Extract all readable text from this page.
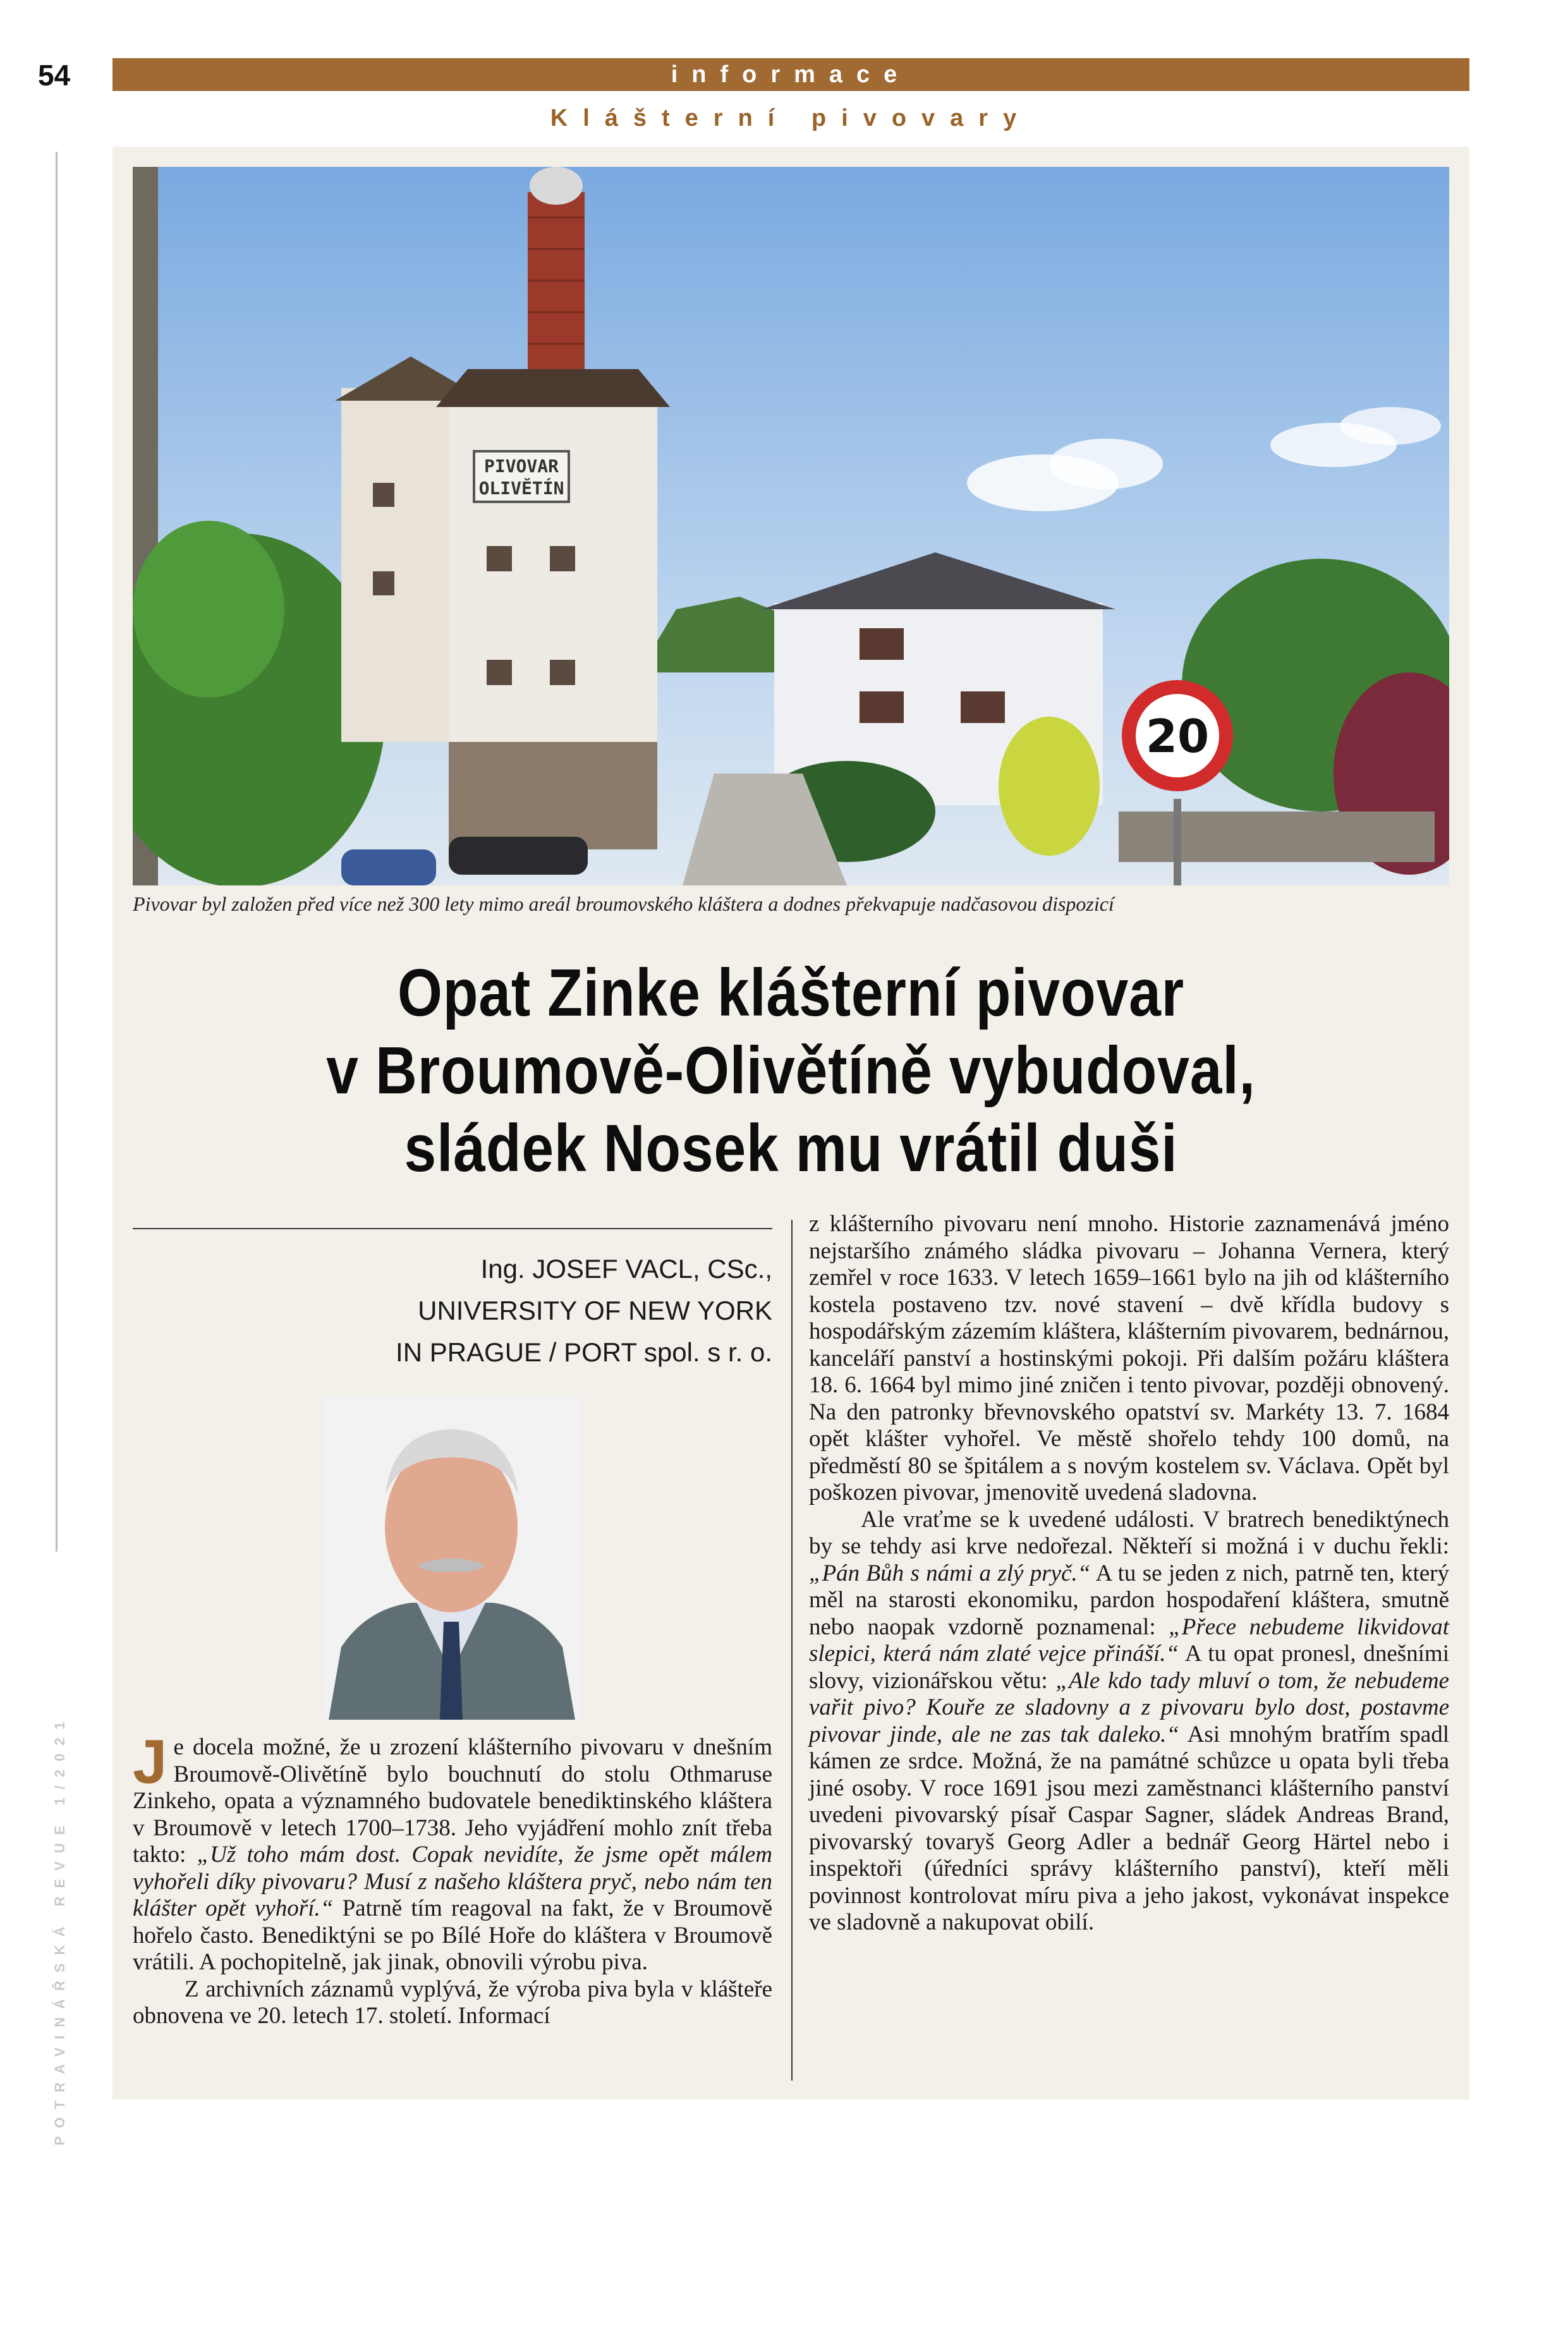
54	informace
Klášterní pivovary
POTRAVINÁŘSKÁ REVUE 1/2021
PIVOVAR
OLIVĚTÍN
20
Pivovar byl založen před více než 300 lety mimo areál broumovského kláštera a dodnes překvapuje nadčasovou dispozicí
Opat Zinke klášterní pivovar
v Broumově-Olivětíně vybudoval,
sládek Nosek mu vrátil duši
Ing. JOSEF VACL, CSc.,
UNIVERSITY OF NEW YORK
IN PRAGUE / PORT spol. s r. o.

Je docela možné, že u zrození klášterního pivovaru v dnešním Broumově-Olivětíně bylo bouchnutí do stolu Othmaruse Zinkeho, opata a významného budovatele benediktinského kláštera v Broumově v letech 1700–1738. Jeho vyjádření mohlo znít třeba takto: „Už toho mám dost. Copak nevidíte, že jsme opět málem vyhořeli díky pivovaru? Musí z našeho kláštera pryč, nebo nám ten klášter opět vyhoří.“ Patrně tím reagoval na fakt, že v Broumově hořelo často. Benediktýni se po Bílé Hoře do kláštera v Broumově vrátili. A pochopitelně, jak jinak, obnovili výrobu piva.

Z archivních záznamů vyplývá, že výroba piva byla v klášteře obnovena ve 20. letech 17. století. Informací

z klášterního pivovaru není mnoho. Historie zaznamenává jméno nejstaršího známého sládka pivovaru – Johanna Vernera, který zemřel v roce 1633. V letech 1659–1661 bylo na jih od klášterního kostela postaveno tzv. nové stavení – dvě křídla budovy s hospodářským zázemím kláštera, klášterním pivovarem, bednárnou, kanceláří panství a hostinskými pokoji. Při dalším požáru kláštera 18. 6. 1664 byl mimo jiné zničen i tento pivovar, později obnovený. Na den patronky břevnovského opatství sv. Markéty 13. 7. 1684 opět klášter vyhořel. Ve městě shořelo tehdy 100 domů, na předměstí 80 se špitálem a s novým kostelem sv. Václava. Opět byl poškozen pivovar, jmenovitě uvedená sladovna.

Ale vraťme se k uvedené události. V bratrech benediktýnech by se tehdy asi krve nedořezal. Někteří si možná i v duchu řekli: „Pán Bůh s námi a zlý pryč.“ A tu se jeden z nich, patrně ten, který měl na starosti ekonomiku, pardon hospodaření kláštera, smutně nebo naopak vzdorně poznamenal: „Přece nebudeme likvidovat slepici, která nám zlaté vejce přináší.“ A tu opat pronesl, dnešními slovy, vizionářskou větu: „Ale kdo tady mluví o tom, že nebudeme vařit pivo? Kouře ze sladovny a z pivovaru bylo dost, postavme pivovar jinde, ale ne zas tak daleko.“ Asi mnohým bratřím spadl kámen ze srdce. Možná, že na památné schůzce u opata byli třeba jiné osoby. V roce 1691 jsou mezi zaměstnanci klášterního panství uvedeni pivovarský písař Caspar Sagner, sládek Andreas Brand, pivovarský tovaryš Georg Adler a bednář Georg Härtel nebo i inspektoři (úředníci správy klášterního panství), kteří měli povinnost kontrolovat míru piva a jeho jakost, vykonávat inspekce ve sladovně a nakupovat obilí.
